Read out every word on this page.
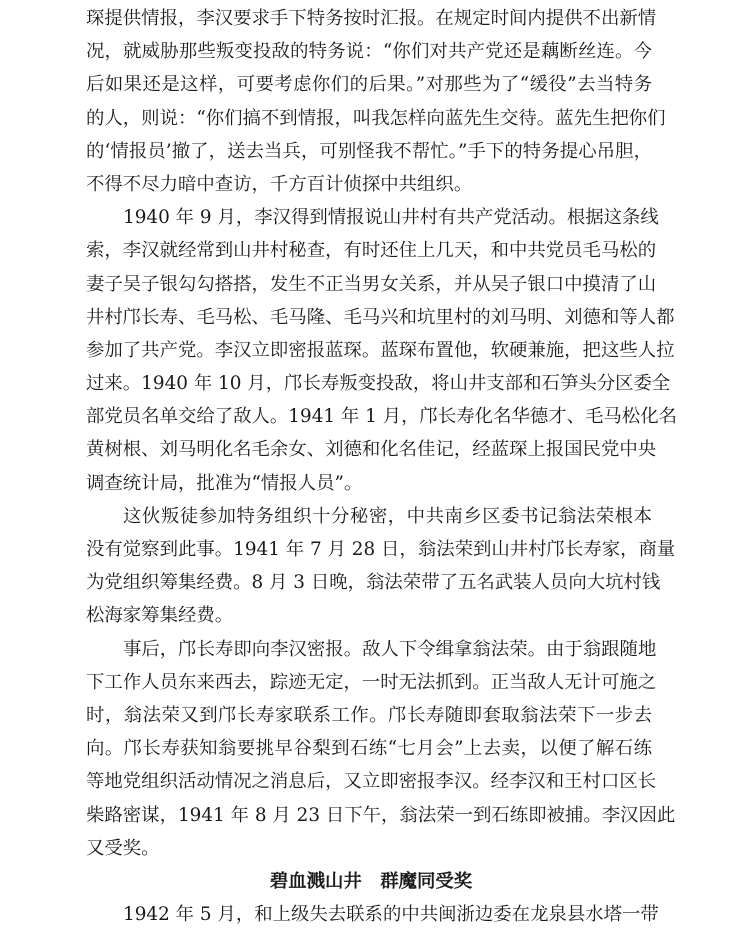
琛提供情报，李汉要求手下特务按时汇报。在规定时间内提供不出新情
况，就威胁那些叛变投敌的特务说：“你们对共产党还是藕断丝连。今
后如果还是这样，可要考虑你们的后果。”对那些为了“缓役”去当特务
的人，则说：“你们搞不到情报，叫我怎样向蓝先生交待。蓝先生把你们
的‘情报员’撤了，送去当兵，可别怪我不帮忙。”手下的特务提心吊胆，
不得不尽力暗中查访，千方百计侦探中共组织。
1940 年 9 月，李汉得到情报说山井村有共产党活动。根据这条线
索，李汉就经常到山井村秘查，有时还住上几天，和中共党员毛马松的
妻子吴子银勾勾搭搭，发生不正当男女关系，并从吴子银口中摸清了山
井村邝长寿、毛马松、毛马隆、毛马兴和坑里村的刘马明、刘德和等人都
参加了共产党。李汉立即密报蓝琛。蓝琛布置他，软硬兼施，把这些人拉
过来。1940 年 10 月，邝长寿叛变投敌，将山井支部和石笋头分区委全
部党员名单交给了敌人。1941 年 1 月，邝长寿化名华德才、毛马松化名
黄树根、刘马明化名毛余女、刘德和化名佳记，经蓝琛上报国民党中央
调查统计局，批准为“情报人员”。
这伙叛徒参加特务组织十分秘密，中共南乡区委书记翁法荣根本
没有觉察到此事。1941 年 7 月 28 日，翁法荣到山井村邝长寿家，商量
为党组织筹集经费。8 月 3 日晚，翁法荣带了五名武装人员向大坑村钱
松海家筹集经费。
事后，邝长寿即向李汉密报。敌人下令缉拿翁法荣。由于翁跟随地
下工作人员东来西去，踪迹无定，一时无法抓到。正当敌人无计可施之
时，翁法荣又到邝长寿家联系工作。邝长寿随即套取翁法荣下一步去
向。邝长寿获知翁要挑早谷梨到石练“七月会”上去卖，以便了解石练
等地党组织活动情况之消息后，又立即密报李汉。经李汉和王村口区长
柴路密谋，1941 年 8 月 23 日下午，翁法荣一到石练即被捕。李汉因此
又受奖。
碧血溅山井　群魔同受奖
1942 年 5 月，和上级失去联系的中共闽浙边委在龙泉县水塔一带
